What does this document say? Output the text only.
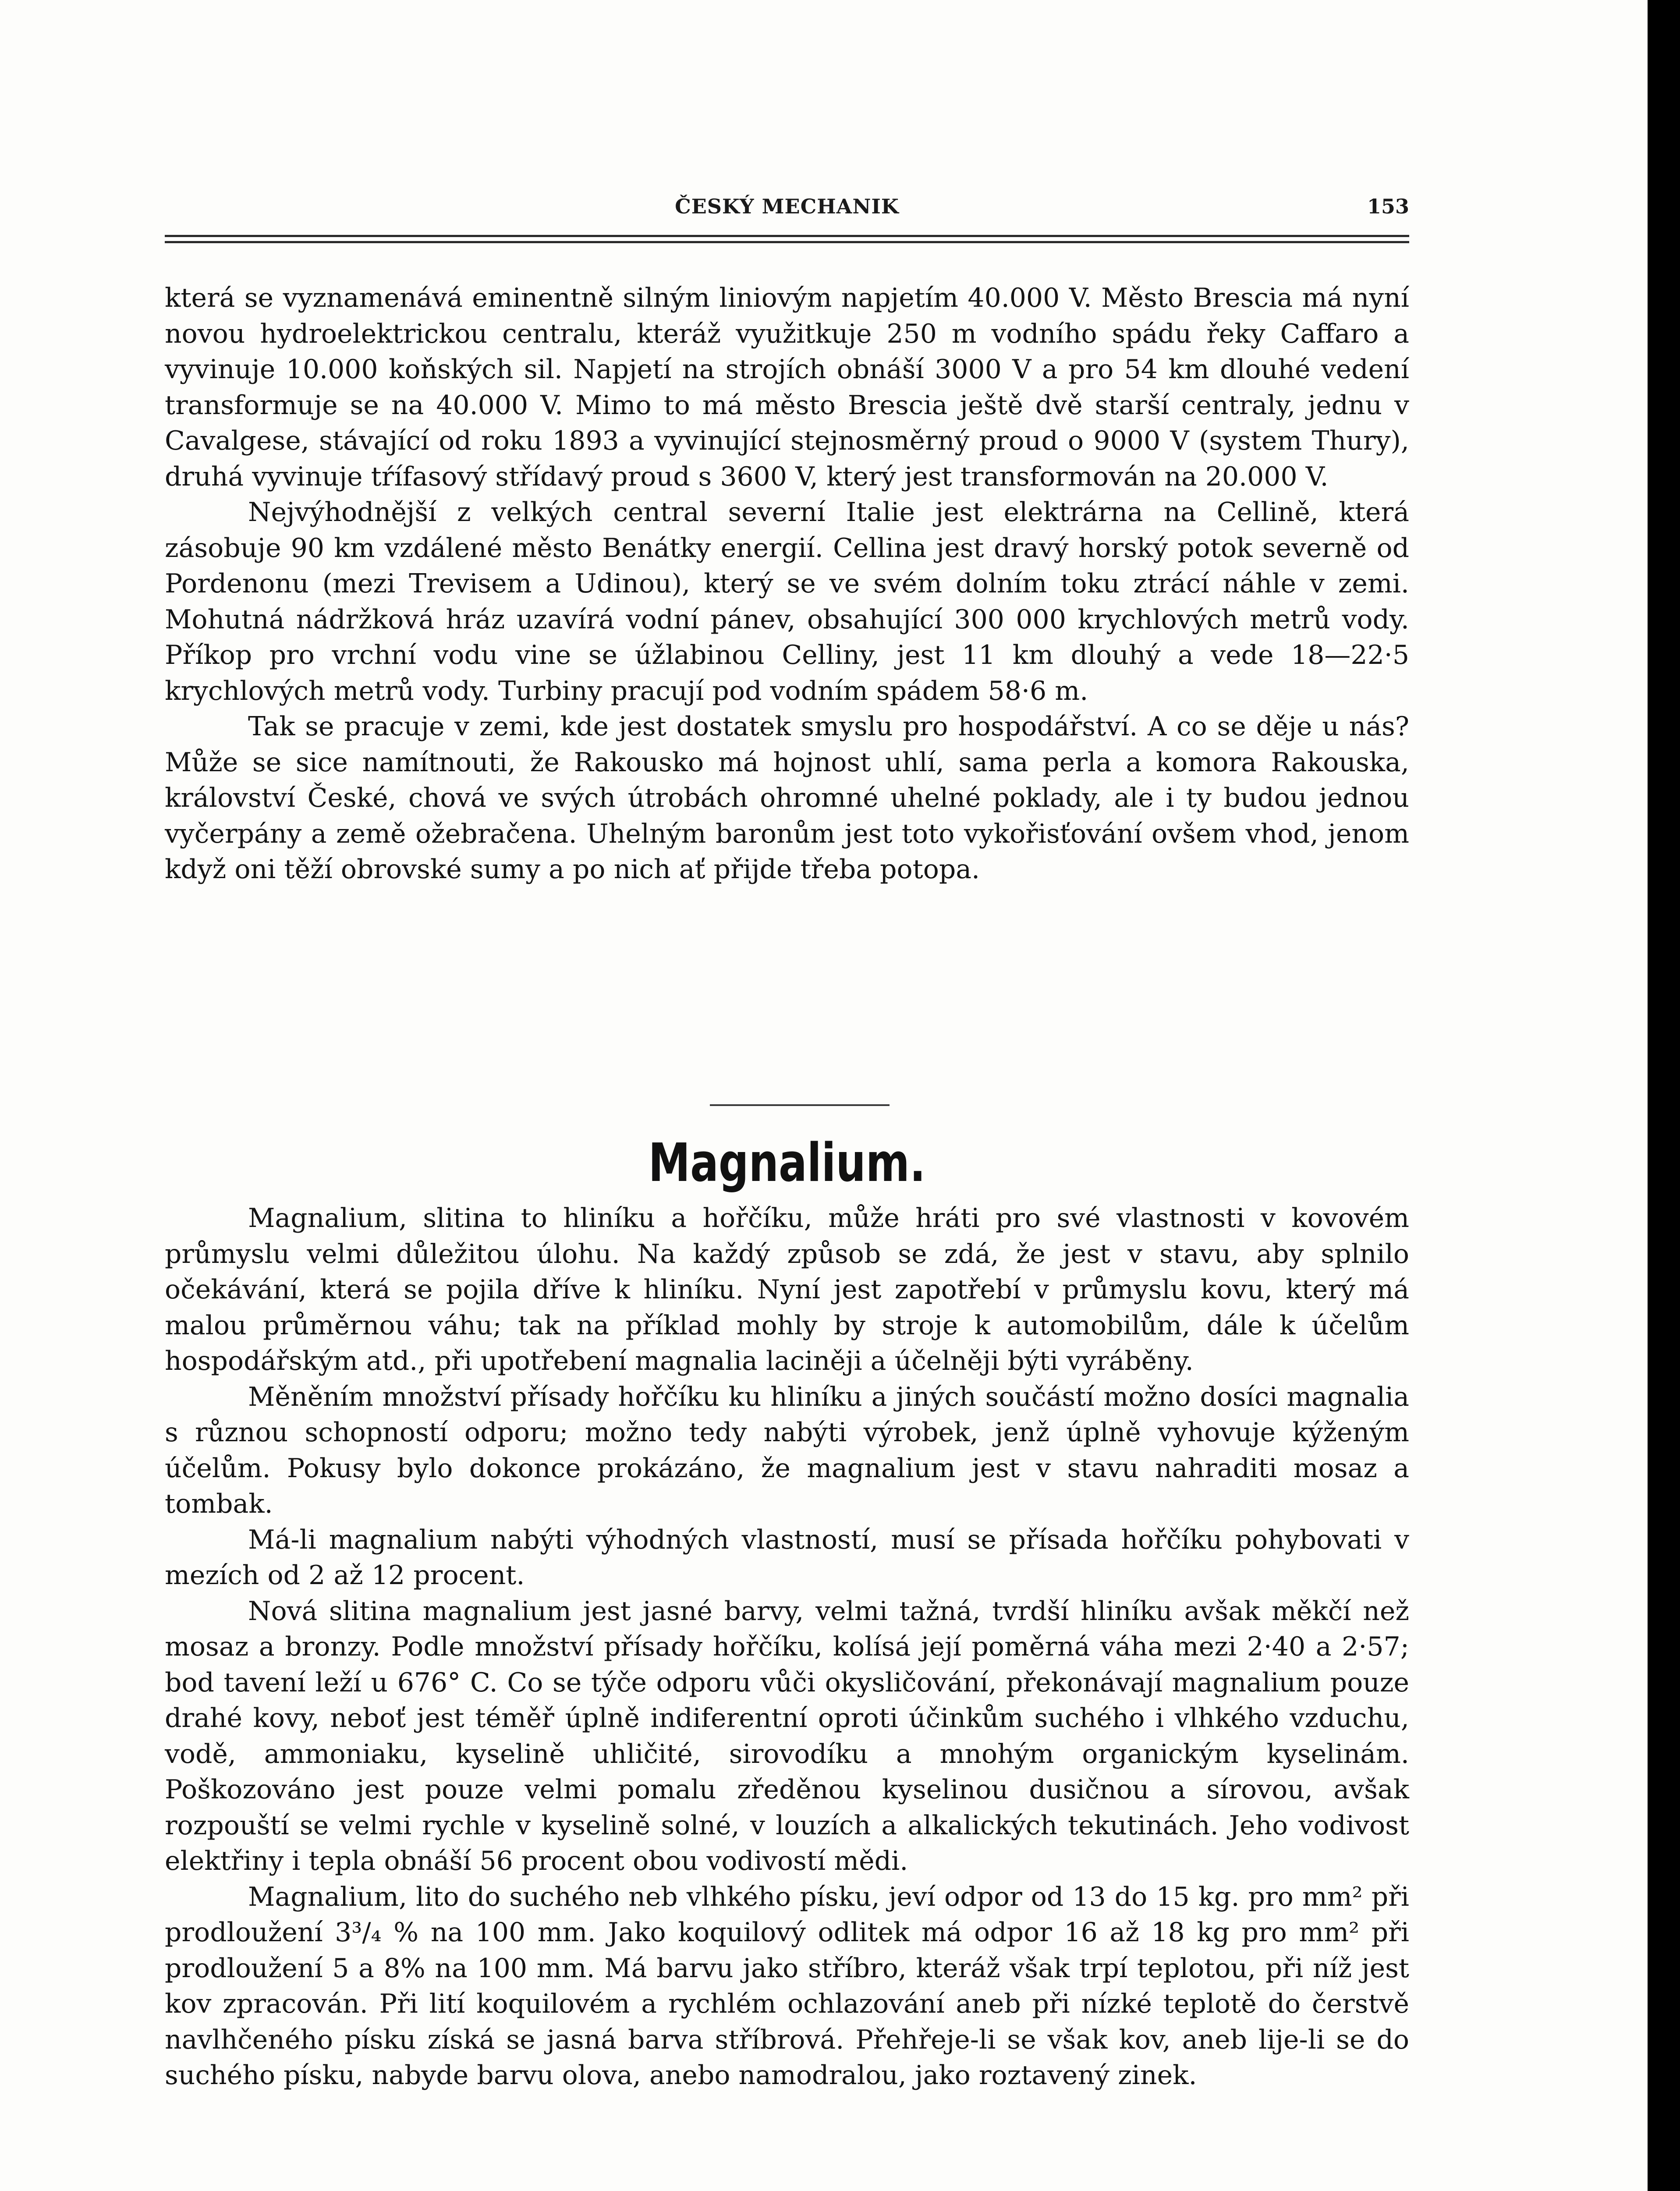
ČESKÝ MECHANIK	153

která se vyznamenává eminentně silným liniovým napjetím 40.000 V. Město Brescia má nyní novou hydroelektrickou centralu, kteráž využitkuje 250 m vodního spádu řeky Caffaro a vyvinuje 10.000 koňských sil. Napjetí na strojích obnáší 3000 V a pro 54 km dlouhé vedení transformuje se na 40.000 V. Mimo to má město Brescia ještě dvě starší centraly, jednu v Cavalgese, stávající od roku 1893 a vyvinující stejnosměrný proud o 9000 V (system Thury), druhá vyvinuje tŕífasový střídavý proud s 3600 V, který jest transformován na 20.000 V.

Nejvýhodnější z velkých central severní Italie jest elektrárna na Cellině, která zásobuje 90 km vzdálené město Benátky energií. Cellina jest dravý horský potok severně od Pordenonu (mezi Trevisem a Udinou), který se ve svém dolním toku ztrácí náhle v zemi. Mohutná nádržková hráz uzavírá vodní pánev, obsahující 300 000 krychlových metrů vody. Příkop pro vrchní vodu vine se úžlabinou Celliny, jest 11 km dlouhý a vede 18—22·5 krychlových metrů vody. Turbiny pracují pod vodním spádem 58·6 m.

Tak se pracuje v zemi, kde jest dostatek smyslu pro hospodářství. A co se děje u nás? Může se sice namítnouti, že Rakousko má hojnost uhlí, sama perla a komora Rakouska, království České, chová ve svých útrobách ohromné uhelné poklady, ale i ty budou jednou vyčerpány a země ožebračena. Uhelným baronům jest toto vykořisťování ovšem vhod, jenom když oni těží obrovské sumy a po nich ať přijde třeba potopa.

Magnalium.

Magnalium, slitina to hliníku a hořčíku, může hráti pro své vlastnosti v kovovém průmyslu velmi důležitou úlohu. Na každý způsob se zdá, že jest v stavu, aby splnilo očekávání, která se pojila dříve k hliníku. Nyní jest zapotřebí v průmyslu kovu, který má malou průměrnou váhu; tak na příklad mohly by stroje k automobilům, dále k účelům hospodářským atd., při upotřebení magnalia laciněji a účelněji býti vyráběny.

Měněním množství přísady hořčíku ku hliníku a jiných součástí možno dosíci magnalia s různou schopností odporu; možno tedy nabýti výrobek, jenž úplně vyhovuje kýženým účelům. Pokusy bylo dokonce prokázáno, že magnalium jest v stavu nahraditi mosaz a tombak.

Má-li magnalium nabýti výhodných vlastností, musí se přísada hořčíku pohybovati v mezích od 2 až 12 procent.

Nová slitina magnalium jest jasné barvy, velmi tažná, tvrdší hliníku avšak měkčí než mosaz a bronzy. Podle množství přísady hořčíku, kolísá její poměrná váha mezi 2·40 a 2·57; bod tavení leží u 676° C. Co se týče odporu vůči okysličování, překonávají magnalium pouze drahé kovy, neboť jest téměř úplně indiferentní oproti účinkům suchého i vlhkého vzduchu, vodě, ammoniaku, kyselině uhličité, sirovodíku a mnohým organickým kyselinám. Poškozováno jest pouze velmi pomalu zředěnou kyselinou dusičnou a sírovou, avšak rozpouští se velmi rychle v kyselině solné, v louzích a alkalických tekutinách. Jeho vodivost elektřiny i tepla obnáší 56 procent obou vodivostí mědi.

Magnalium, lito do suchého neb vlhkého písku, jeví odpor od 13 do 15 kg. pro mm² při prodloužení 3³/₄ % na 100 mm. Jako koquilový odlitek má odpor 16 až 18 kg pro mm² při prodloužení 5 a 8% na 100 mm. Má barvu jako stříbro, kteráž však trpí teplotou, při níž jest kov zpracován. Při lití koquilovém a rychlém ochlazování aneb při nízké teplotě do čerstvě navlhčeného písku získá se jasná barva stříbrová. Přehřeje-li se však kov, aneb lije-li se do suchého písku, nabyde barvu olova, anebo namodralou, jako roztavený zinek.
